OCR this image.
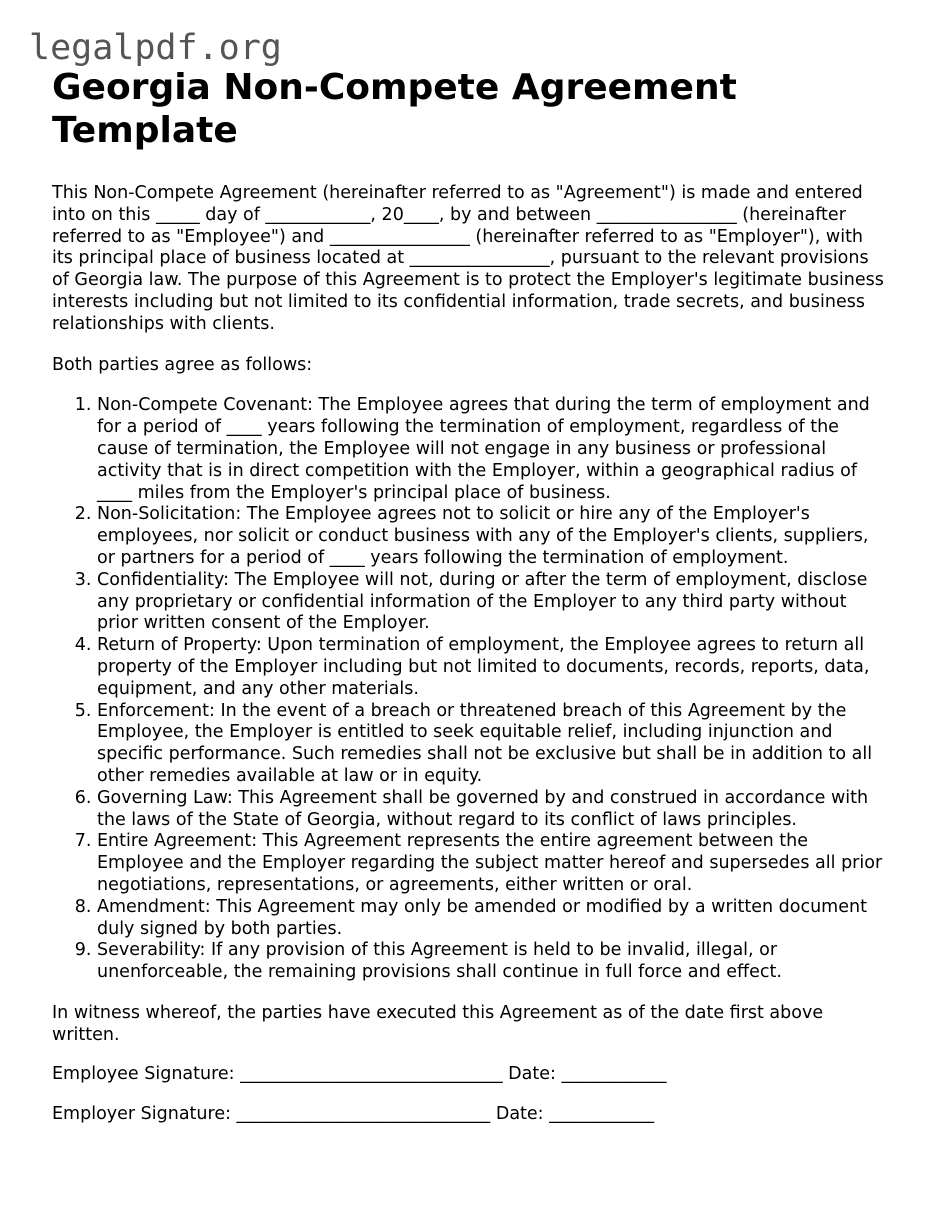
legalpdf.org
Georgia Non-Compete Agreement Template

This Non-Compete Agreement (hereinafter referred to as "Agreement") is made and entered into on this _____ day of ____________, 20____, by and between ________________ (hereinafter referred to as "Employee") and ________________ (hereinafter referred to as "Employer"), with its principal place of business located at ________________, pursuant to the relevant provisions of Georgia law. The purpose of this Agreement is to protect the Employer's legitimate business interests including but not limited to its confidential information, trade secrets, and business relationships with clients.

Both parties agree as follows:

1. Non-Compete Covenant: The Employee agrees that during the term of employment and for a period of ____ years following the termination of employment, regardless of the cause of termination, the Employee will not engage in any business or professional activity that is in direct competition with the Employer, within a geographical radius of ____ miles from the Employer's principal place of business.
2. Non-Solicitation: The Employee agrees not to solicit or hire any of the Employer's employees, nor solicit or conduct business with any of the Employer's clients, suppliers, or partners for a period of ____ years following the termination of employment.
3. Confidentiality: The Employee will not, during or after the term of employment, disclose any proprietary or confidential information of the Employer to any third party without prior written consent of the Employer.
4. Return of Property: Upon termination of employment, the Employee agrees to return all property of the Employer including but not limited to documents, records, reports, data, equipment, and any other materials.
5. Enforcement: In the event of a breach or threatened breach of this Agreement by the Employee, the Employer is entitled to seek equitable relief, including injunction and specific performance. Such remedies shall not be exclusive but shall be in addition to all other remedies available at law or in equity.
6. Governing Law: This Agreement shall be governed by and construed in accordance with the laws of the State of Georgia, without regard to its conflict of laws principles.
7. Entire Agreement: This Agreement represents the entire agreement between the Employee and the Employer regarding the subject matter hereof and supersedes all prior negotiations, representations, or agreements, either written or oral.
8. Amendment: This Agreement may only be amended or modified by a written document duly signed by both parties.
9. Severability: If any provision of this Agreement is held to be invalid, illegal, or unenforceable, the remaining provisions shall continue in full force and effect.

In witness whereof, the parties have executed this Agreement as of the date first above written.

Employee Signature: ______________________________ Date: ____________

Employer Signature: _____________________________ Date: ____________
